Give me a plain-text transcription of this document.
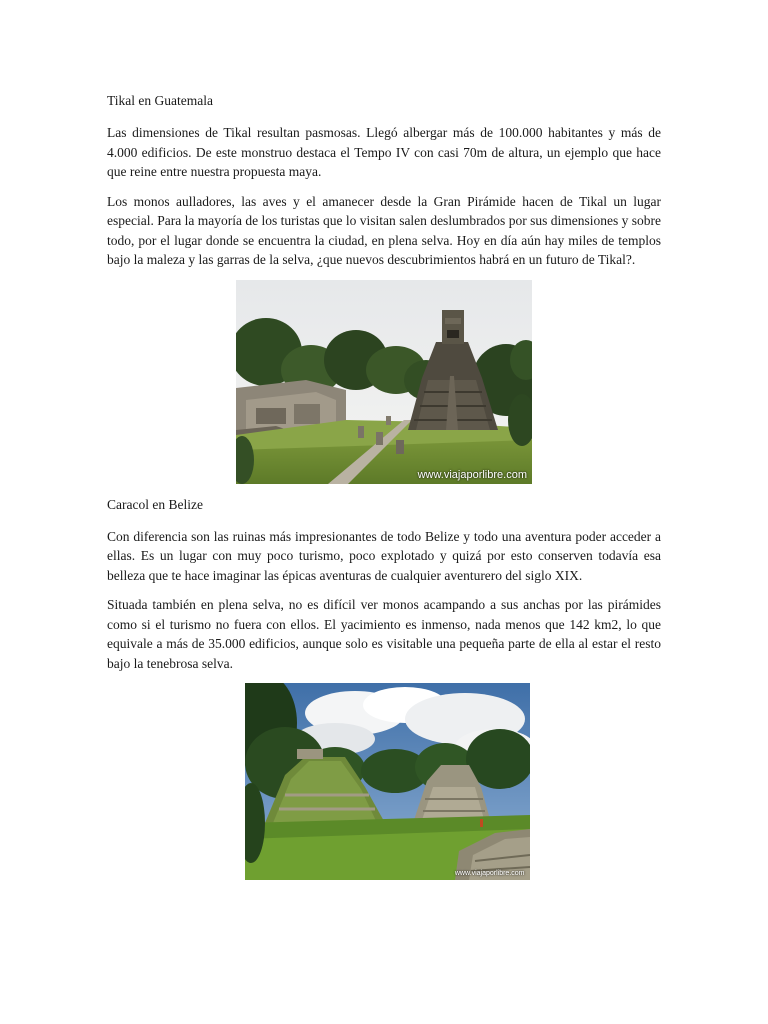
Tikal en Guatemala

Las dimensiones de Tikal resultan pasmosas. Llegó albergar más de 100.000 habitantes y más de 4.000 edificios. De este monstruo destaca el Tempo IV con casi 70m de altura, un ejemplo que hace que reine entre nuestra propuesta maya.

Los monos aulladores, las aves y el amanecer desde la Gran Pirámide hacen de Tikal un lugar especial. Para la mayoría de los turistas que lo visitan salen deslumbrados por sus dimensiones y sobre todo, por el lugar donde se encuentra la ciudad, en plena selva. Hoy en día aún hay miles de templos bajo la maleza y las garras de la selva, ¿que nuevos descubrimientos habrá en un futuro de Tikal?.

www.viajaporlibre.com
Caracol en Belize

Con diferencia son las ruinas más impresionantes de todo Belize y todo una aventura poder acceder a ellas. Es un lugar con muy poco turismo, poco explotado y quizá por esto conserven todavía esa belleza que te hace imaginar las épicas aventuras de cualquier aventurero del siglo XIX.

Situada también en plena selva, no es difícil ver monos acampando a sus anchas por las pirámides como si el turismo no fuera con ellos. El yacimiento es inmenso, nada menos que 142 km2, lo que equivale a más de 35.000 edificios, aunque solo es visitable una pequeña parte de ella al estar el resto bajo la tenebrosa selva.

www.viajaporlibre.com
